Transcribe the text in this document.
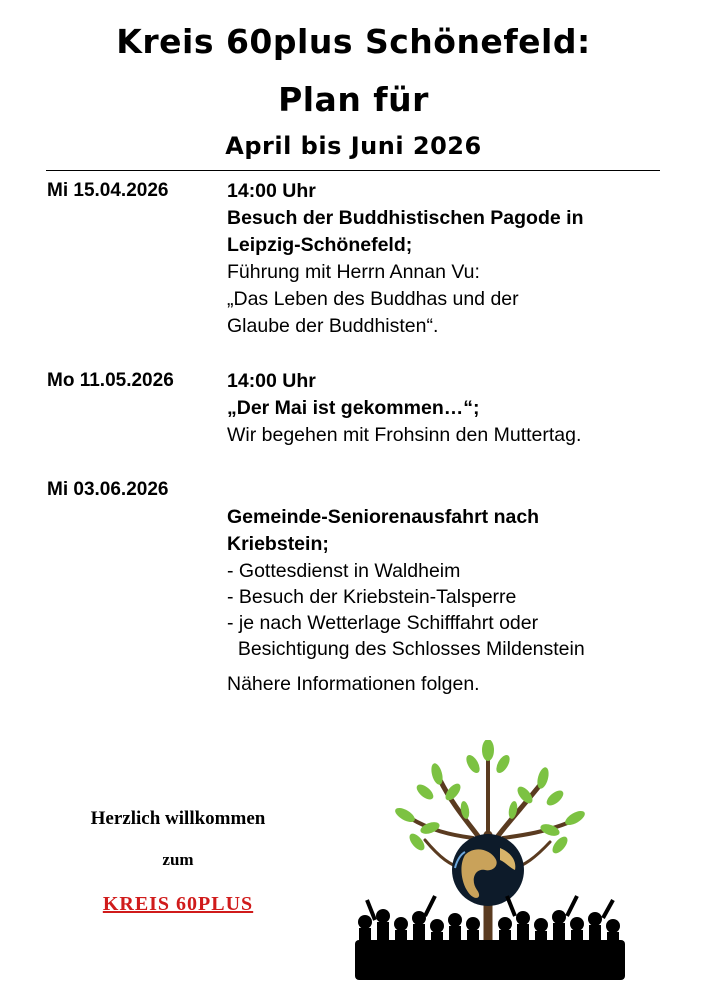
Kreis 60plus Schönefeld:
Plan für
April bis Juni 2026
Mi 15.04.2026	14:00 Uhr
Besuch der Buddhistischen Pagode in
Leipzig-Schönefeld;
Führung mit Herrn Annan Vu:
„Das Leben des Buddhas und der
Glaube der Buddhisten“.
Mo 11.05.2026	14:00 Uhr
„Der Mai ist gekommen…“;
Wir begehen mit Frohsinn den Muttertag.
Mi 03.06.2026
Gemeinde-Seniorenausfahrt nach
Kriebstein;
- Gottesdienst in Waldheim
- Besuch der Kriebstein-Talsperre
- je nach Wetterlage Schifffahrt oder
Besichtigung des Schlosses Mildenstein
Nähere Informationen folgen.
Herzlich willkommen
zum
KREIS 60PLUS
